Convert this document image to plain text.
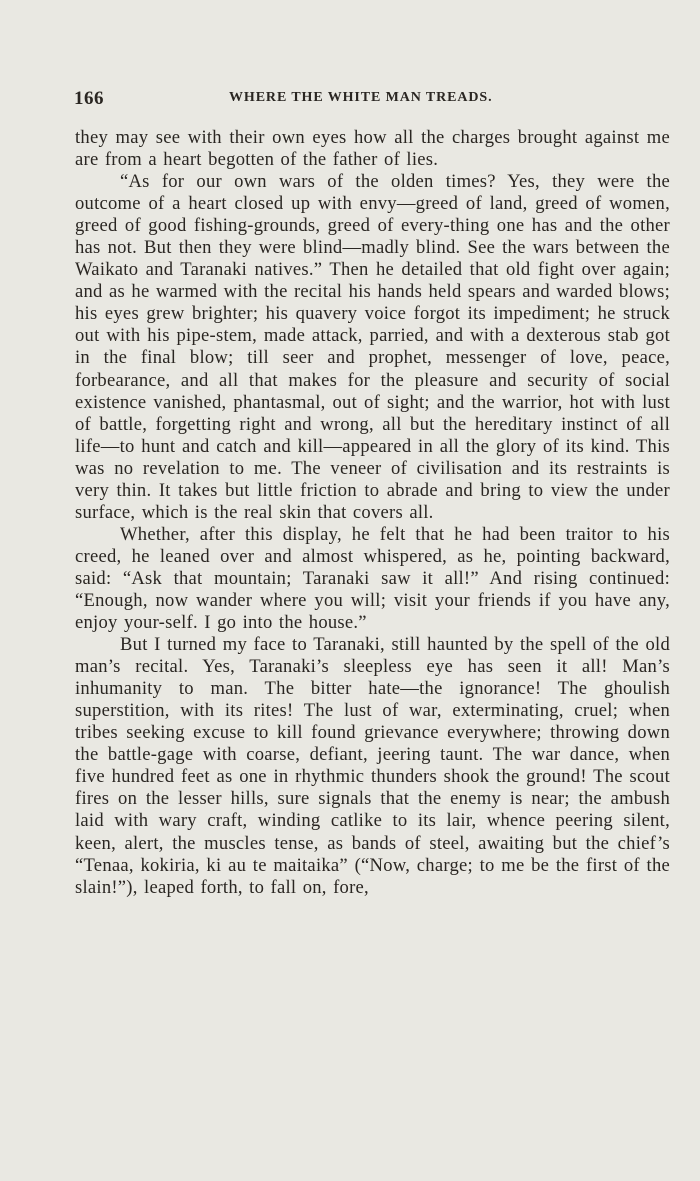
166	WHERE THE WHITE MAN TREADS.

they may see with their own eyes how all the charges brought against me are from a heart begotten of the father of lies.

“As for our own wars of the olden times? Yes, they were the outcome of a heart closed up with envy—greed of land, greed of women, greed of good fishing-grounds, greed of every-thing one has and the other has not. But then they were blind—madly blind. See the wars between the Waikato and Taranaki natives.” Then he detailed that old fight over again; and as he warmed with the recital his hands held spears and warded blows; his eyes grew brighter; his quavery voice forgot its impediment; he struck out with his pipe-stem, made attack, parried, and with a dexterous stab got in the final blow; till seer and prophet, messenger of love, peace, forbearance, and all that makes for the pleasure and security of social existence vanished, phantasmal, out of sight; and the warrior, hot with lust of battle, forgetting right and wrong, all but the hereditary instinct of all life—to hunt and catch and kill—appeared in all the glory of its kind. This was no revelation to me. The veneer of civilisation and its restraints is very thin. It takes but little friction to abrade and bring to view the under surface, which is the real skin that covers all.

Whether, after this display, he felt that he had been traitor to his creed, he leaned over and almost whispered, as he, pointing backward, said: “Ask that mountain; Taranaki saw it all!” And rising continued: “Enough, now wander where you will; visit your friends if you have any, enjoy your-self. I go into the house.”

But I turned my face to Taranaki, still haunted by the spell of the old man’s recital. Yes, Taranaki’s sleepless eye has seen it all! Man’s inhumanity to man. The bitter hate—the ignorance! The ghoulish superstition, with its rites! The lust of war, exterminating, cruel; when tribes seeking excuse to kill found grievance everywhere; throwing down the battle-gage with coarse, defiant, jeering taunt. The war dance, when five hundred feet as one in rhythmic thunders shook the ground! The scout fires on the lesser hills, sure signals that the enemy is near; the ambush laid with wary craft, winding catlike to its lair, whence peering silent, keen, alert, the muscles tense, as bands of steel, awaiting but the chief’s “Tenaa, kokiria, ki au te maitaika” (“Now, charge; to me be the first of the slain!”), leaped forth, to fall on, fore,
